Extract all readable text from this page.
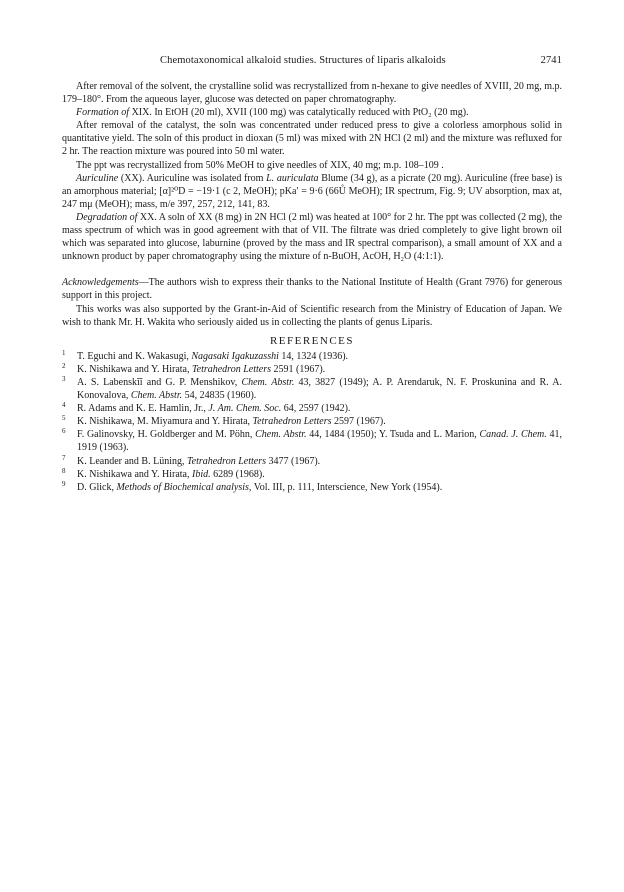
Chemotaxonomical alkaloid studies. Structures of liparis alkaloids	2741

After removal of the solvent, the crystalline solid was recrystallized from n-hexane to give needles of XVIII, 20 mg, m.p. 179–180°. From the aqueous layer, glucose was detected on paper chromatography.

Formation of XIX. In EtOH (20 ml), XVII (100 mg) was catalytically reduced with PtO₂ (20 mg).

After removal of the catalyst, the soln was concentrated under reduced press to give a colorless amorphous solid in quantitative yield. The soln of this product in dioxan (5 ml) was mixed with 2N HCl (2 ml) and the mixture was refluxed for 2 hr. The reaction mixture was poured into 50 ml water.

The ppt was recrystallized from 50% MeOH to give needles of XIX, 40 mg; m.p. 108–109 .

Auriculine (XX). Auriculine was isolated from L. auriculata Blume (34 g), as a picrate (20 mg). Auriculine (free base) is an amorphous material; [α]²⁰D = −19·1 (c 2, MeOH); pKa′ = 9·6 (66Ů MeOH); IR spectrum, Fig. 9; UV absorption, max at, 247 mμ (MeOH); mass, m/e 397, 257, 212, 141, 83.

Degradation of XX. A soln of XX (8 mg) in 2N HCl (2 ml) was heated at 100° for 2 hr. The ppt was collected (2 mg), the mass spectrum of which was in good agreement with that of VII. The filtrate was dried completely to give light brown oil which was separated into glucose, laburnine (proved by the mass and IR spectral comparison), a small amount of XX and a unknown product by paper chromatography using the mixture of n-BuOH, AcOH, H₂O (4:1:1).

Acknowledgements—The authors wish to express their thanks to the National Institute of Health (Grant 7976) for generous support in this project.

This works was also supported by the Grant-in-Aid of Scientific research from the Ministry of Education of Japan. We wish to thank Mr. H. Wakita who seriously aided us in collecting the plants of genus Liparis.

REFERENCES
1 T. Eguchi and K. Wakasugi, Nagasaki Igakuzasshi 14, 1324 (1936).
2 K. Nishikawa and Y. Hirata, Tetrahedron Letters 2591 (1967).
3 A. S. Labenskĭĭ and G. P. Menshikov, Chem. Abstr. 43, 3827 (1949); A. P. Arendaruk, N. F. Proskunina and R. A. Konovalova, Chem. Abstr. 54, 24835 (1960).
4 R. Adams and K. E. Hamlin, Jr., J. Am. Chem. Soc. 64, 2597 (1942).
5 K. Nishikawa, M. Miyamura and Y. Hirata, Tetrahedron Letters 2597 (1967).
6 F. Galinovsky, H. Goldberger and M. Pöhn, Chem. Abstr. 44, 1484 (1950); Y. Tsuda and L. Marion, Canad. J. Chem. 41, 1919 (1963).
7 K. Leander and B. Lüning, Tetrahedron Letters 3477 (1967).
8 K. Nishikawa and Y. Hirata, Ibid. 6289 (1968).
9 D. Glick, Methods of Biochemical analysis, Vol. III, p. 111, Interscience, New York (1954).
